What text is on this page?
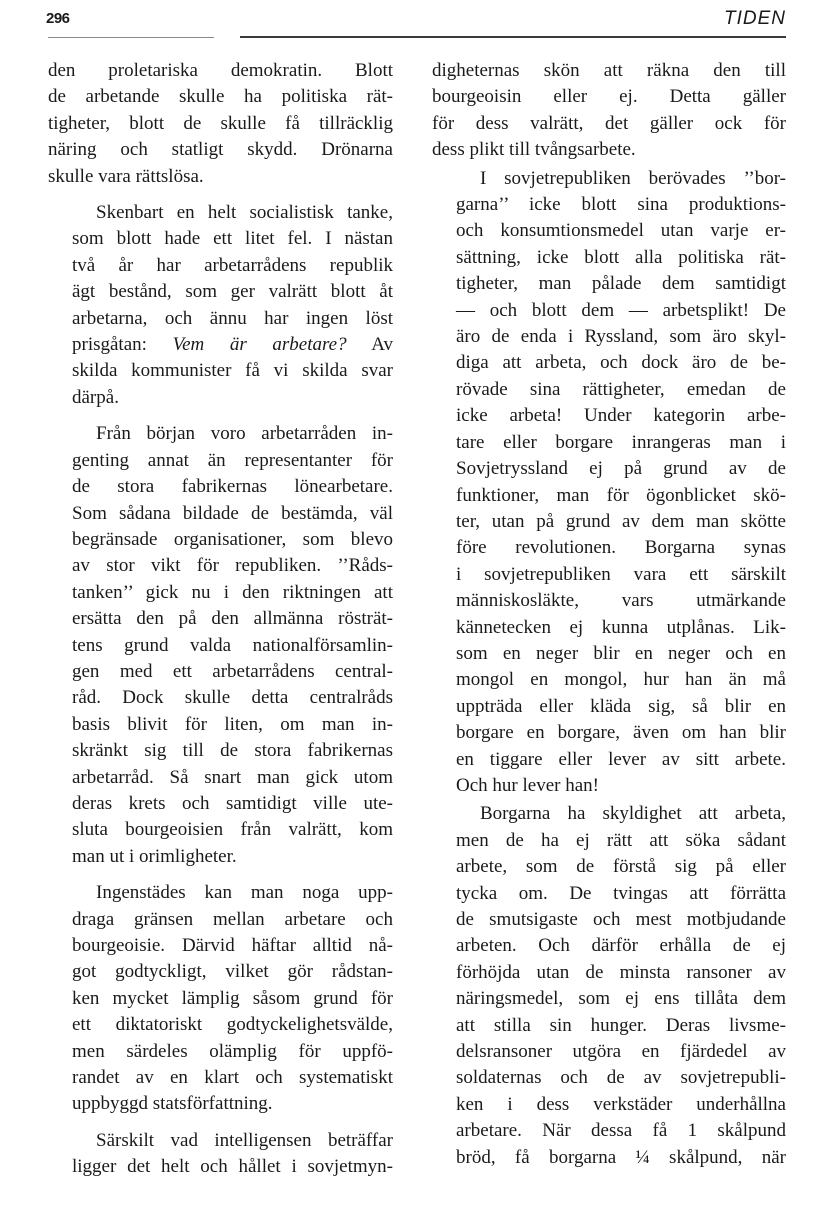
296	TIDEN

den proletariska demokratin. Blott
de arbetande skulle ha politiska rät-
tigheter, blott de skulle få tillräcklig
näring och statligt skydd. Drönarna
skulle vara rättslösa.

Skenbart en helt socialistisk tanke,
som blott hade ett litet fel. I nästan
två år har arbetarrådens republik
ägt bestånd, som ger valrätt blott åt
arbetarna, och ännu har ingen löst
prisgåtan: Vem är arbetare? Av
skilda kommunister få vi skilda svar
därpå.

Från början voro arbetarråden in-
genting annat än representanter för
de stora fabrikernas lönearbetare.
Som sådana bildade de bestämda, väl
begränsade organisationer, som blevo
av stor vikt för republiken. ’’Råds-
tanken’’ gick nu i den riktningen att
ersätta den på den allmänna rösträt-
tens grund valda nationalförsamlin-
gen med ett arbetarrådens central-
råd. Dock skulle detta centralråds
basis blivit för liten, om man in-
skränkt sig till de stora fabrikernas
arbetarråd. Så snart man gick utom
deras krets och samtidigt ville ute-
sluta bourgeoisien från valrätt, kom
man ut i orimligheter.

Ingenstädes kan man noga upp-
draga gränsen mellan arbetare och
bourgeoisie. Därvid häftar alltid nå-
got godtyckligt, vilket gör rådstan-
ken mycket lämplig såsom grund för
ett diktatoriskt godtyckelighetsvälde,
men särdeles olämplig för uppfö-
randet av en klart och systematiskt
uppbyggd statsförfattning.

Särskilt vad intelligensen beträffar
ligger det helt och hållet i sovjetmyn-

digheternas skön att räkna den till
bourgeoisin eller ej. Detta gäller
för dess valrätt, det gäller ock för
dess plikt till tvångsarbete.

I sovjetrepubliken berövades ’’bor-
garna’’ icke blott sina produktions-
och konsumtionsmedel utan varje er-
sättning, icke blott alla politiska rät-
tigheter, man pålade dem samtidigt
— och blott dem — arbetsplikt! De
äro de enda i Ryssland, som äro skyl-
diga att arbeta, och dock äro de be-
rövade sina rättigheter, emedan de
icke arbeta! Under kategorin arbe-
tare eller borgare inrangeras man i
Sovjetryssland ej på grund av de
funktioner, man för ögonblicket skö-
ter, utan på grund av dem man skötte
före revolutionen. Borgarna synas
i sovjetrepubliken vara ett särskilt
människosläkte, vars utmärkande
kännetecken ej kunna utplånas. Lik-
som en neger blir en neger och en
mongol en mongol, hur han än må
uppträda eller kläda sig, så blir en
borgare en borgare, även om han blir
en tiggare eller lever av sitt arbete.
Och hur lever han!

Borgarna ha skyldighet att arbeta,
men de ha ej rätt att söka sådant
arbete, som de förstå sig på eller
tycka om. De tvingas att förrätta
de smutsigaste och mest motbjudande
arbeten. Och därför erhålla de ej
förhöjda utan de minsta ransoner av
näringsmedel, som ej ens tillåta dem
att stilla sin hunger. Deras livsme-
delsransoner utgöra en fjärdedel av
soldaternas och de av sovjetrepubli-
ken i dess verkstäder underhållna
arbetare. När dessa få 1 skålpund
bröd, få borgarna ¼ skålpund, när
